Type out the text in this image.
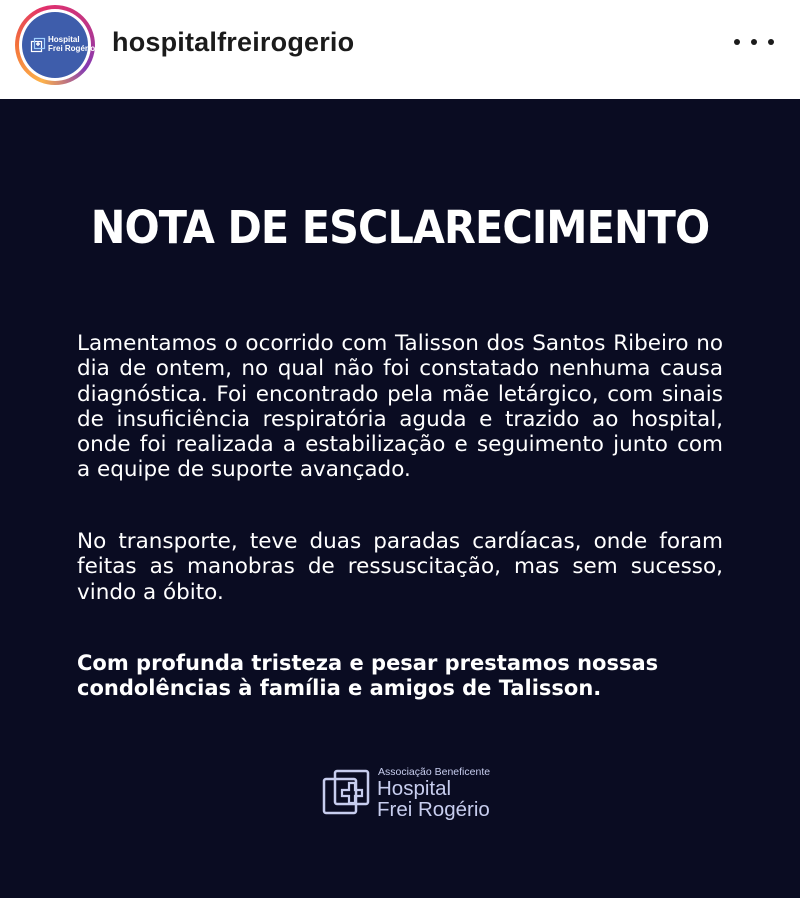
Hospital
Frei Rogério hospitalfreirogerio
NOTA DE ESCLARECIMENTO

Lamentamos o ocorrido com Talisson dos Santos Ribeiro no dia de ontem, no qual não foi constatado nenhuma causa diagnóstica. Foi encontrado pela mãe letárgico, com sinais de insuficiência respiratória aguda e trazido ao hospital, onde foi realizada a estabilização e seguimento junto com a equipe de suporte avançado.

No transporte, teve duas paradas cardíacas, onde foram feitas as manobras de ressuscitação, mas sem sucesso, vindo a óbito.

Com profunda tristeza e pesar prestamos nossas condolências à família e amigos de Talisson.

Associação Beneficente
Hospital
Frei Rogério
